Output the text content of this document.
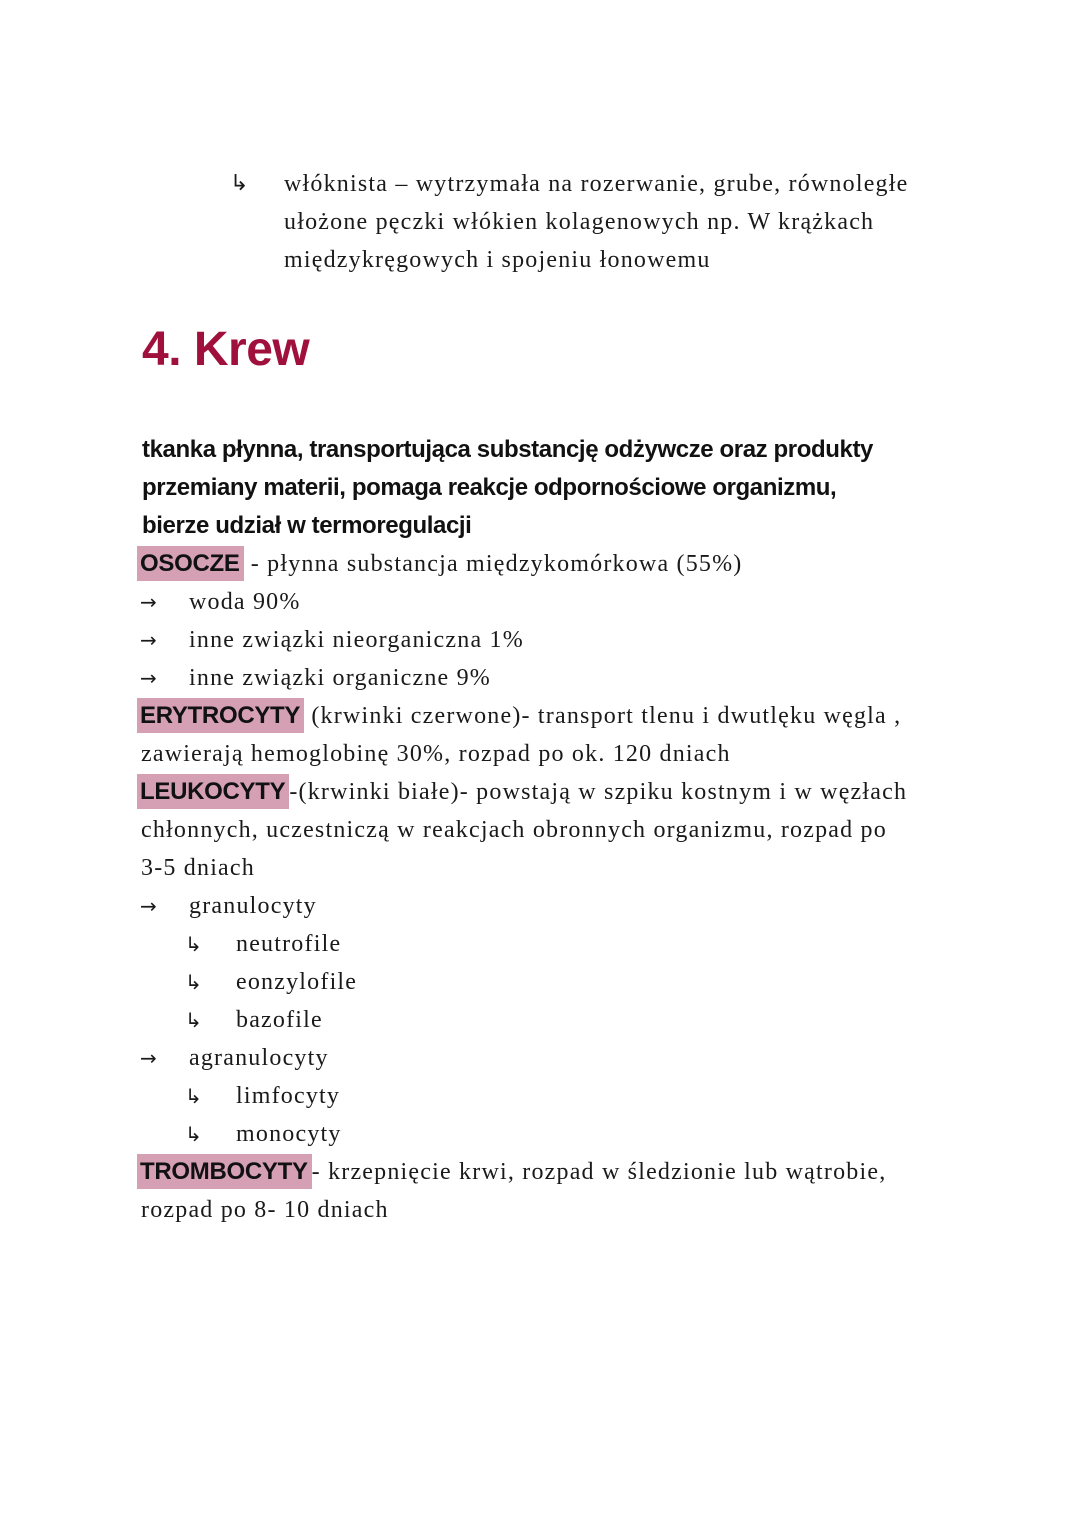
↳ włóknista – wytrzymała na rozerwanie, grube, równoległe
ułożone pęczki włókien kolagenowych np. W krążkach
międzykręgowych i spojeniu łonowemu
4. Krew
tkanka płynna, transportująca substancję odżywcze oraz produkty
przemiany materii, pomaga reakcje odpornościowe organizmu,
bierze udział w termoregulacji
OSOCZE - płynna substancja międzykomórkowa (55%)
→ woda 90%
→ inne związki nieorganiczna 1%
→ inne związki organiczne 9%
ERYTROCYTY (krwinki czerwone)- transport tlenu i dwutlęku węgla ,
zawierają hemoglobinę 30%, rozpad po ok. 120 dniach
LEUKOCYTY -(krwinki białe)- powstają w szpiku kostnym i w węzłach
chłonnych, uczestniczą w reakcjach obronnych organizmu, rozpad po
3-5 dniach
→ granulocyty
↳ neutrofile
↳ eonzylofile
↳ bazofile
→ agranulocyty
↳ limfocyty
↳ monocyty
TROMBOCYTY - krzepnięcie krwi, rozpad w śledzionie lub wątrobie,
rozpad po 8- 10 dniach
